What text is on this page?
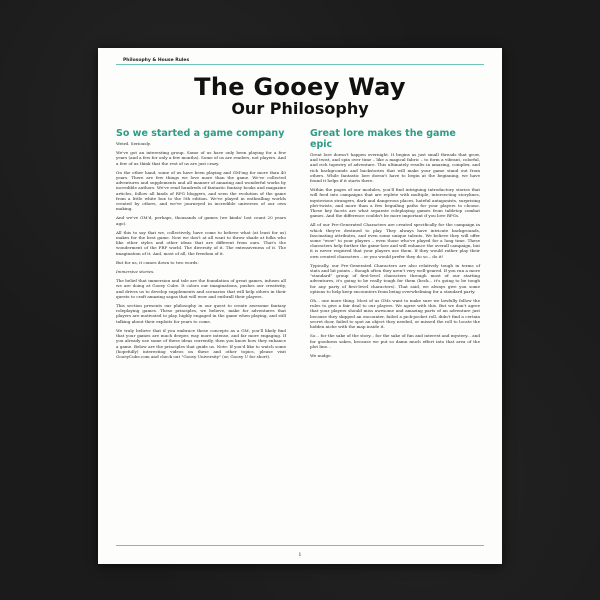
Philosophy & House Rules
The Gooey Way
Our Philosophy
So we started a game company

Weird. Seriously.

We've got an interesting group. Some of us have only been playing for a few years (and a few for only a few months). Some of us are readers, not players. And a few of us think that the rest of us are just crazy.

On the other hand, some of us have been playing and GM'ing for more than 40 years. There are few things we love more than the game. We've collected adventures and supplements and all manner of amazing and wonderful works by incredible authors. We've read hundreds of fantastic fantasy books and magazine articles, follow all kinds of RPG bloggers, and seen the evolution of the game from a little white box to the 5th edition. We've played in enthralling worlds created by others, and we've journeyed in incredible universes of our own making.

And we've GM'd, perhaps, thousands of games (we kinda' lost count 20 years ago).

All this to say that we, collectively, have come to believe what (at least for us) makes for the best game. Now we don't at all want to throw shade at folks who like other styles and other ideas that are different from ours. That's the wonderment of the FRP world. The diversity of it. The extensiveness of it. The imagination of it. And, most of all, the freedom of it.

But for us, it comes down to two words:

Immersive stories.

The belief that immersion and tale are the foundation of great games, infuses all we are doing at Gooey Cube. It colors our imaginations, pushes our creativity, and drives us to develop supplements and scenarios that will help others in their quests to craft amazing sagas that will wow and enthrall their players.

This section presents our philosophy in our quest to create awesome fantasy roleplaying games. These principles, we believe, make for adventures that players are motivated to play, highly engaged in the game when playing, and still talking about their exploits for years to come.

We truly believe that if you embrace these concepts as a GM, you'll likely find that your games are much deeper, way more intense, and far more engaging. If you already use some of these ideas currently, then you know how they enhance a game. Below are the principles that guide us. Note: If you'd like to watch some (hopefully) interesting videos on these and other topics, please visit GooeyCube.com and check out "Gooey University" (or, Gooey U for short).

Great lore makes the game epic

Great lore doesn't happen overnight. It begins as just small threads that grow, and twist, and spin over time – like a magical fabric – to form a vibrant, colorful, and rich tapestry of adventure. This ultimately results in amazing, complex, and rich backgrounds and backstories that will make your game stand out from others. While fantastic lore doesn't have to begin at the beginning, we have found it helps if it starts there.

Within the pages of our modules, you'll find intriguing introductory stories that will feed into campaigns that are replete with multiple, intersecting storylines, mysterious strangers, dark and dangerous places, hateful antagonists, surprising plot-twists, and more than a few beguiling paths for your players to choose. These key facets are what separate roleplaying games from tabletop combat games. And the difference couldn't be more important if you love RPGs.

All of our Pre-Generated Characters are created specifically for the campaign in which they're destined to play. They always have intricate backgrounds, fascinating attributes, and even some unique talents. We believe they will offer some "wow" to your players – even those who've played for a long time. These characters help further the game-lore and will enhance the overall campaign, but it is never required that your players use them. If they would rather play their own created characters – or you would prefer they do so – do it!

Typically, our Pre-Generated Characters are also relatively tough in terms of stats and hit points – though often they aren't very well-geared. If you run a more "standard" group of first-level characters through most of our starting adventures, it's going to be really tough for them (heck... it's going to be tough for any party of first-level characters). That said, we always give you some options to help keep encounters from being overwhelming for a standard party.

Oh... one more thing. Most of us GMs want to make sure we lawfully follow the rules to give a fair deal to our players. We agree with this. But we don't agree that your players should miss awesome and amazing parts of an adventure just because they skipped an encounter, failed a pick-pocket roll, didn't find a certain secret door, failed to spot an object they needed, or missed the roll to locate the hidden niche with the map inside it.

So... for the sake of the story... for the sake of fun and interest and mystery... and for goodness sakes, because we put so damn much effort into that area of the plot line...

We nudge.

1
